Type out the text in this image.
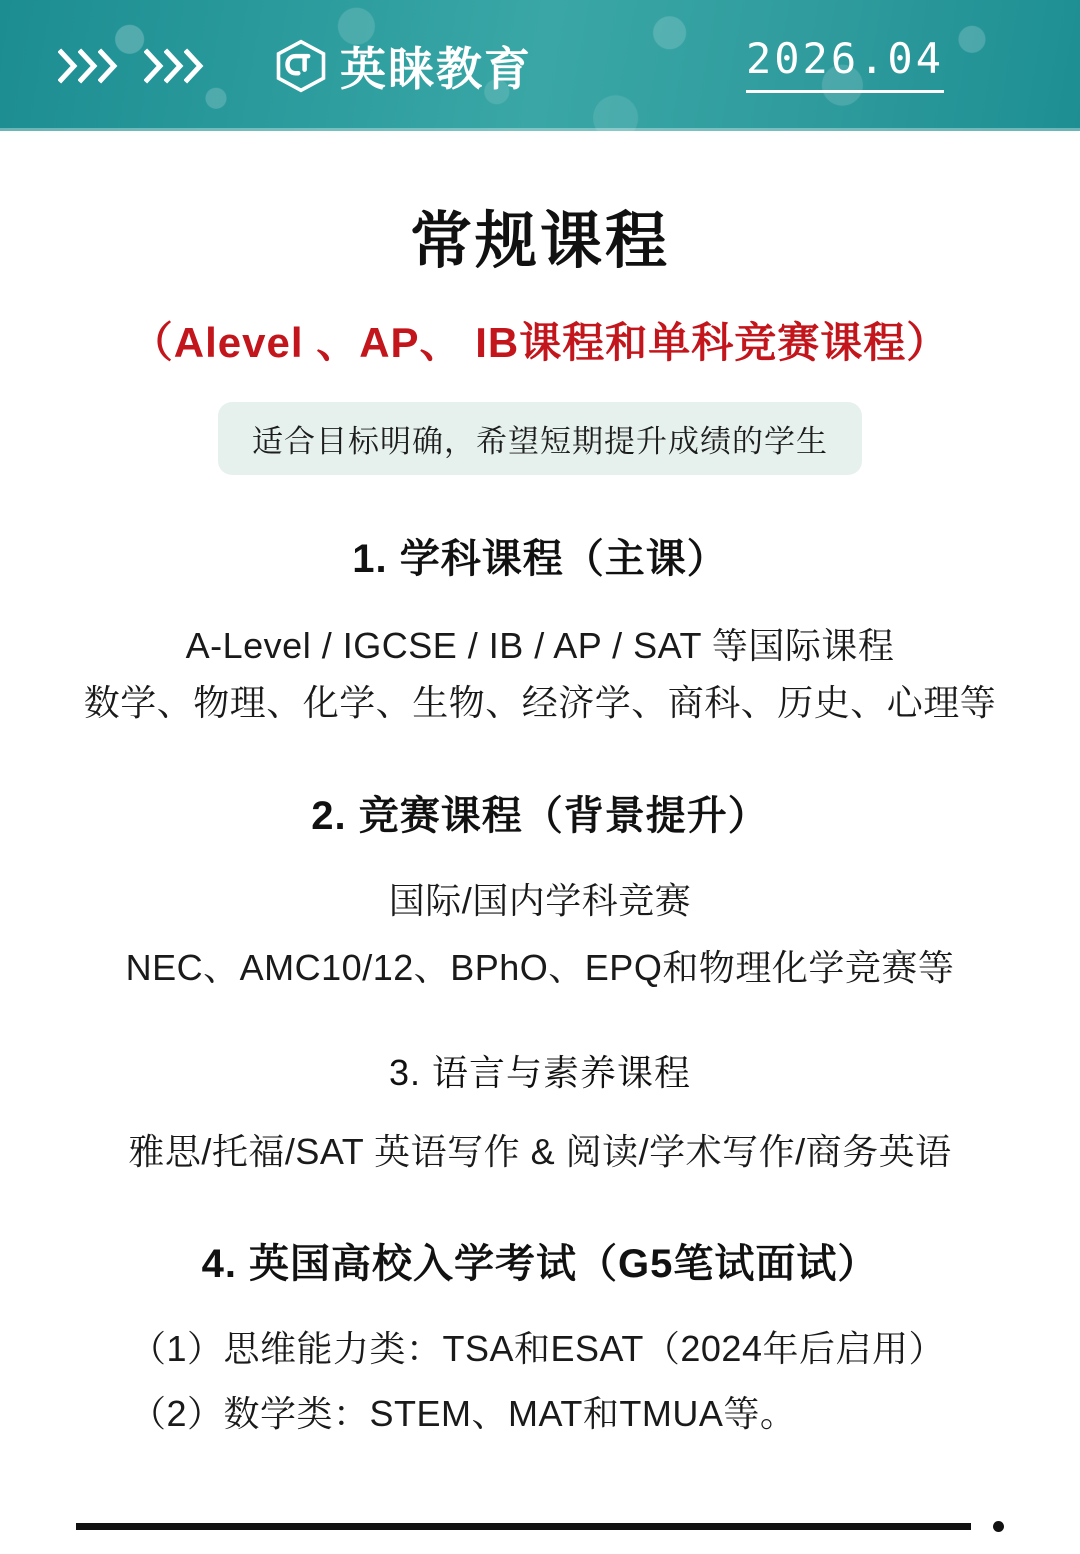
英睐教育	2026.04
常规课程
（Alevel 、AP、 IB课程和单科竞赛课程）
适合目标明确，希望短期提升成绩的学生
1. 学科课程（主课）
A-Level / IGCSE / IB / AP / SAT 等国际课程
数学、物理、化学、生物、经济学、商科、历史、心理等
2. 竞赛课程（背景提升）
国际/国内学科竞赛
NEC、AMC10/12、BPhO、EPQ和物理化学竞赛等
3. 语言与素养课程
雅思/托福/SAT 英语写作 & 阅读/学术写作/商务英语
4. 英国高校入学考试（G5笔试面试）
（1）思维能力类：TSA和ESAT（2024年后启用）
（2）数学类：STEM、MAT和TMUA等。
